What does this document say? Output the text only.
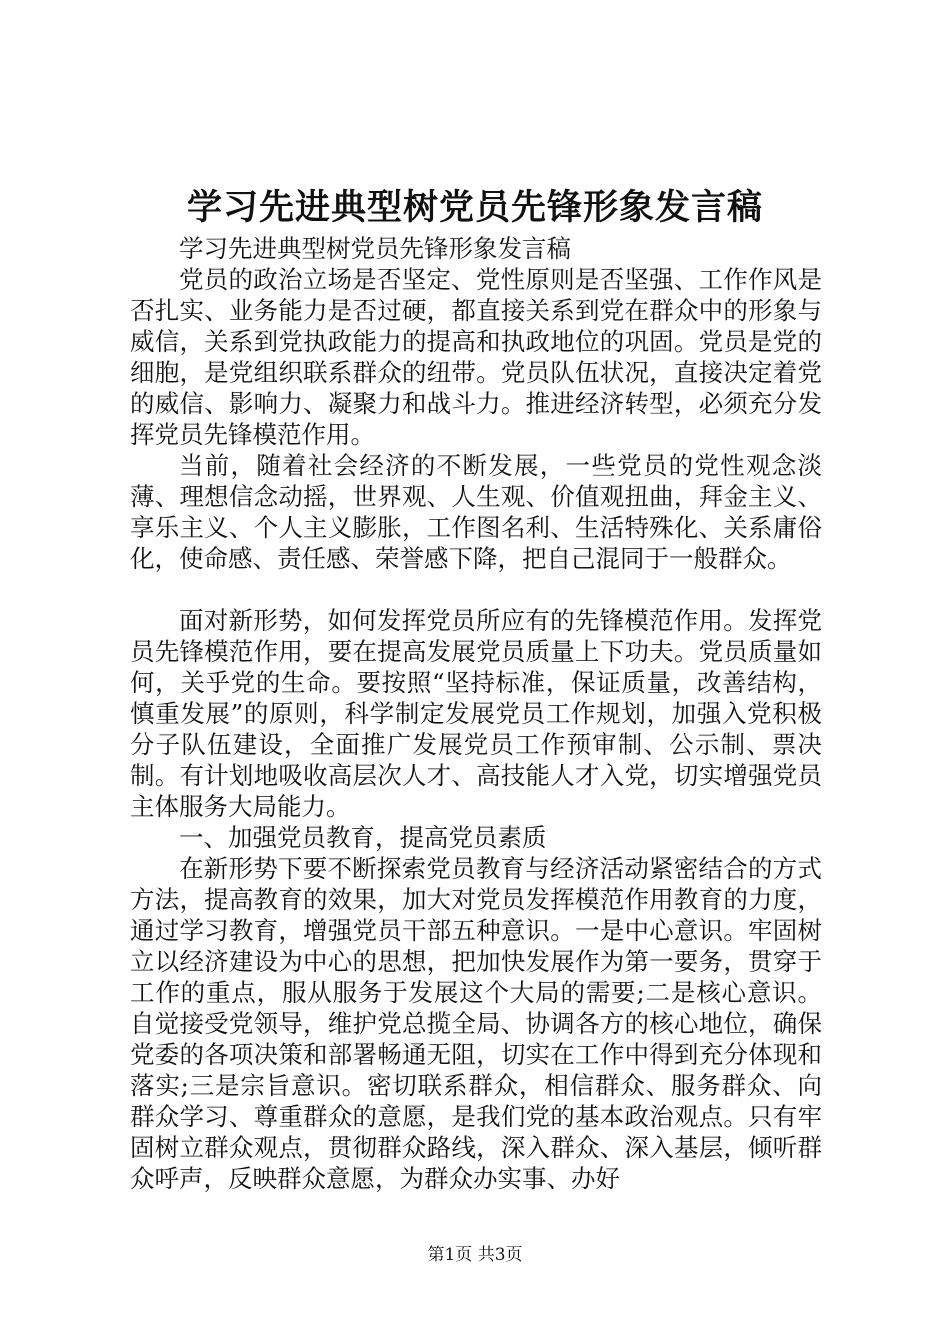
学习先进典型树党员先锋形象发言稿

学习先进典型树党员先锋形象发言稿

党员的政治立场是否坚定、党性原则是否坚强、工作作风是否扎实、业务能力是否过硬，都直接关系到党在群众中的形象与威信，关系到党执政能力的提高和执政地位的巩固。党员是党的细胞，是党组织联系群众的纽带。党员队伍状况，直接决定着党的威信、影响力、凝聚力和战斗力。推进经济转型，必须充分发挥党员先锋模范作用。

当前，随着社会经济的不断发展，一些党员的党性观念淡薄、理想信念动摇，世界观、人生观、价值观扭曲，拜金主义、享乐主义、个人主义膨胀，工作图名利、生活特殊化、关系庸俗化，使命感、责任感、荣誉感下降，把自己混同于一般群众。

面对新形势，如何发挥党员所应有的先锋模范作用。发挥党员先锋模范作用，要在提高发展党员质量上下功夫。党员质量如何，关乎党的生命。要按照“坚持标准，保证质量，改善结构，慎重发展”的原则，科学制定发展党员工作规划，加强入党积极分子队伍建设，全面推广发展党员工作预审制、公示制、票决制。有计划地吸收高层次人才、高技能人才入党，切实增强党员主体服务大局能力。

一、加强党员教育，提高党员素质

在新形势下要不断探索党员教育与经济活动紧密结合的方式方法，提高教育的效果，加大对党员发挥模范作用教育的力度，通过学习教育，增强党员干部五种意识。一是中心意识。牢固树立以经济建设为中心的思想，把加快发展作为第一要务，贯穿于工作的重点，服从服务于发展这个大局的需要;二是核心意识。自觉接受党领导，维护党总揽全局、协调各方的核心地位，确保党委的各项决策和部署畅通无阻，切实在工作中得到充分体现和落实;三是宗旨意识。密切联系群众，相信群众、服务群众、向群众学习、尊重群众的意愿，是我们党的基本政治观点。只有牢固树立群众观点，贯彻群众路线，深入群众、深入基层，倾听群众呼声，反映群众意愿，为群众办实事、办好

第1页 共3页
